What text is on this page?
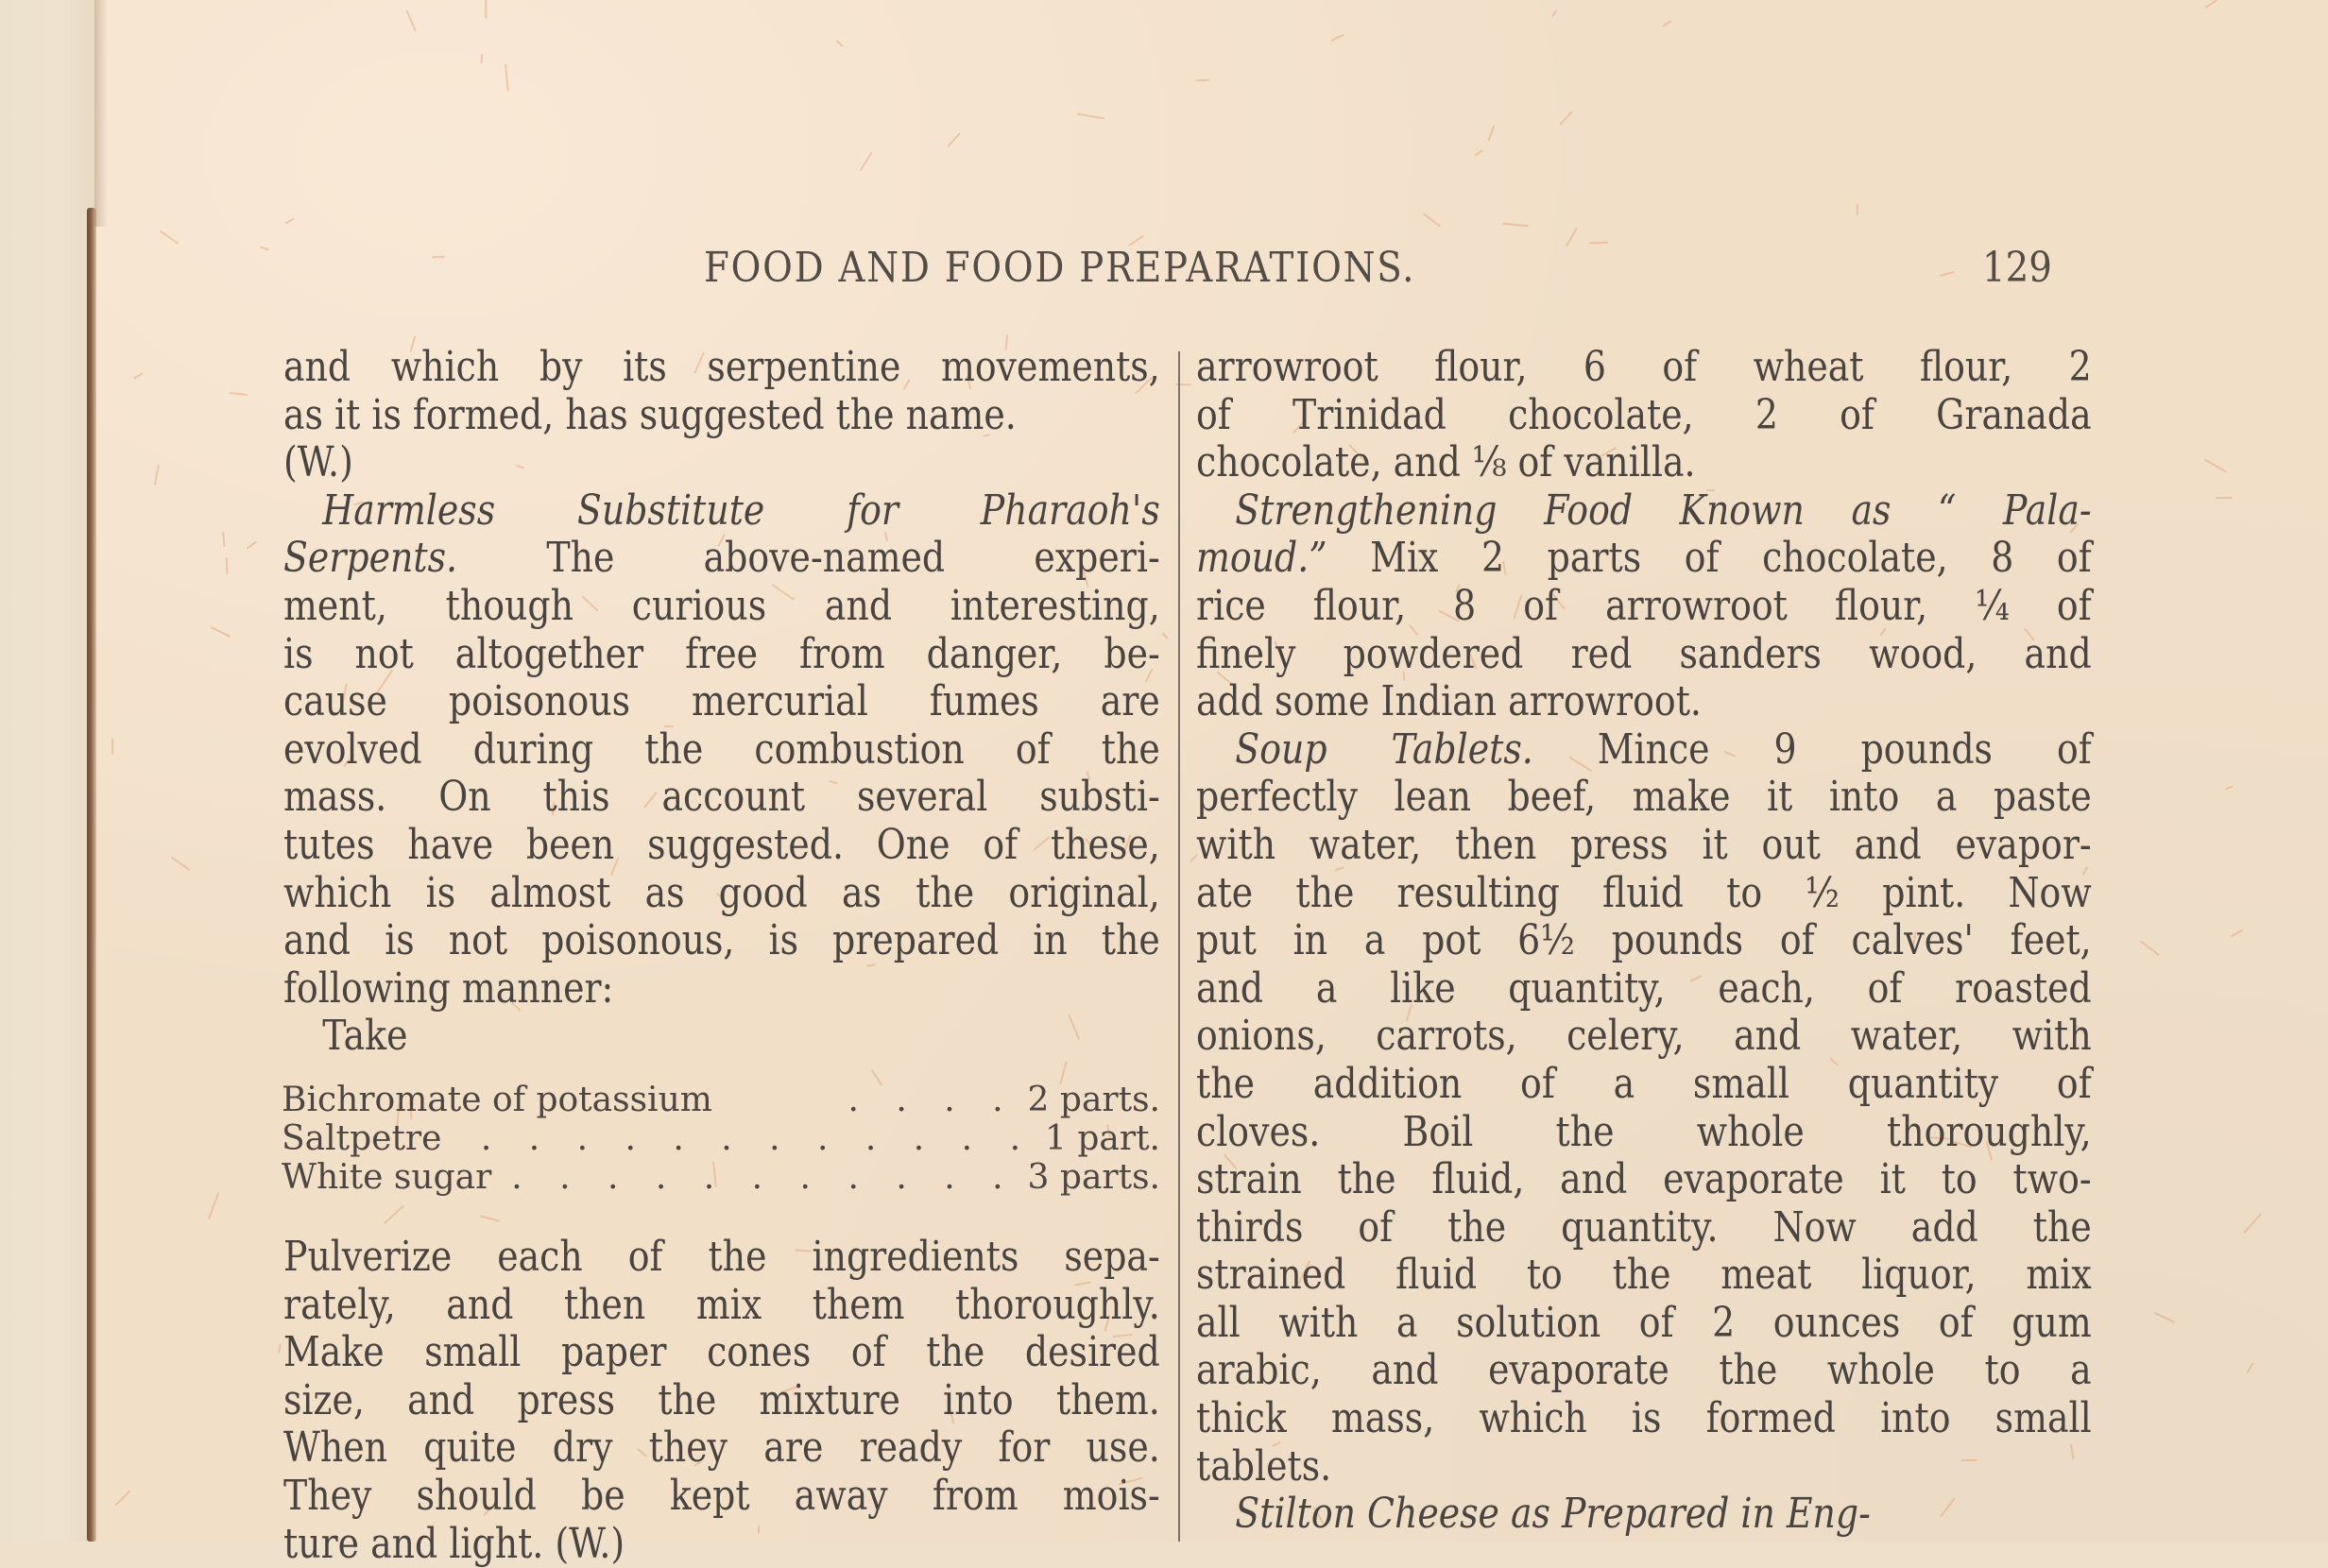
FOOD AND FOOD PREPARATIONS.	129
and which by its serpentine movements,
as it is formed, has suggested the name.
(W.)
Harmless Substitute for Pharaoh's
Serpents. The above-named experi-
ment, though curious and interesting,
is not altogether free from danger, be-
cause poisonous mercurial fumes are
evolved during the combustion of the
mass. On this account several substi-
tutes have been suggested. One of these,
which is almost as good as the original,
and is not poisonous, is prepared in the
following manner:
Take
Bichromate of potassium	. . . . 2 parts.
Saltpetre	. . . . . . . . . . . . 1 part.
White sugar . . . . . . . . . . . 3 parts.
Pulverize each of the ingredients sepa-
rately, and then mix them thoroughly.
Make small paper cones of the desired
size, and press the mixture into them.
When quite dry they are ready for use.
They should be kept away from mois-
ture and light. (W.)
arrowroot flour, 6 of wheat flour, 2
of Trinidad chocolate, 2 of Granada
chocolate, and ⅛ of vanilla.
Strengthening Food Known as “ Pala-
moud.” Mix 2 parts of chocolate, 8 of
rice flour, 8 of arrowroot flour, ¼ of
finely powdered red sanders wood, and
add some Indian arrowroot.
Soup Tablets. Mince 9 pounds of
perfectly lean beef, make it into a paste
with water, then press it out and evapor-
ate the resulting fluid to ½ pint. Now
put in a pot 6½ pounds of calves' feet,
and a like quantity, each, of roasted
onions, carrots, celery, and water, with
the addition of a small quantity of
cloves. Boil the whole thoroughly,
strain the fluid, and evaporate it to two-
thirds of the quantity. Now add the
strained fluid to the meat liquor, mix
all with a solution of 2 ounces of gum
arabic, and evaporate the whole to a
thick mass, which is formed into small
tablets.
Stilton Cheese as Prepared in Eng-
